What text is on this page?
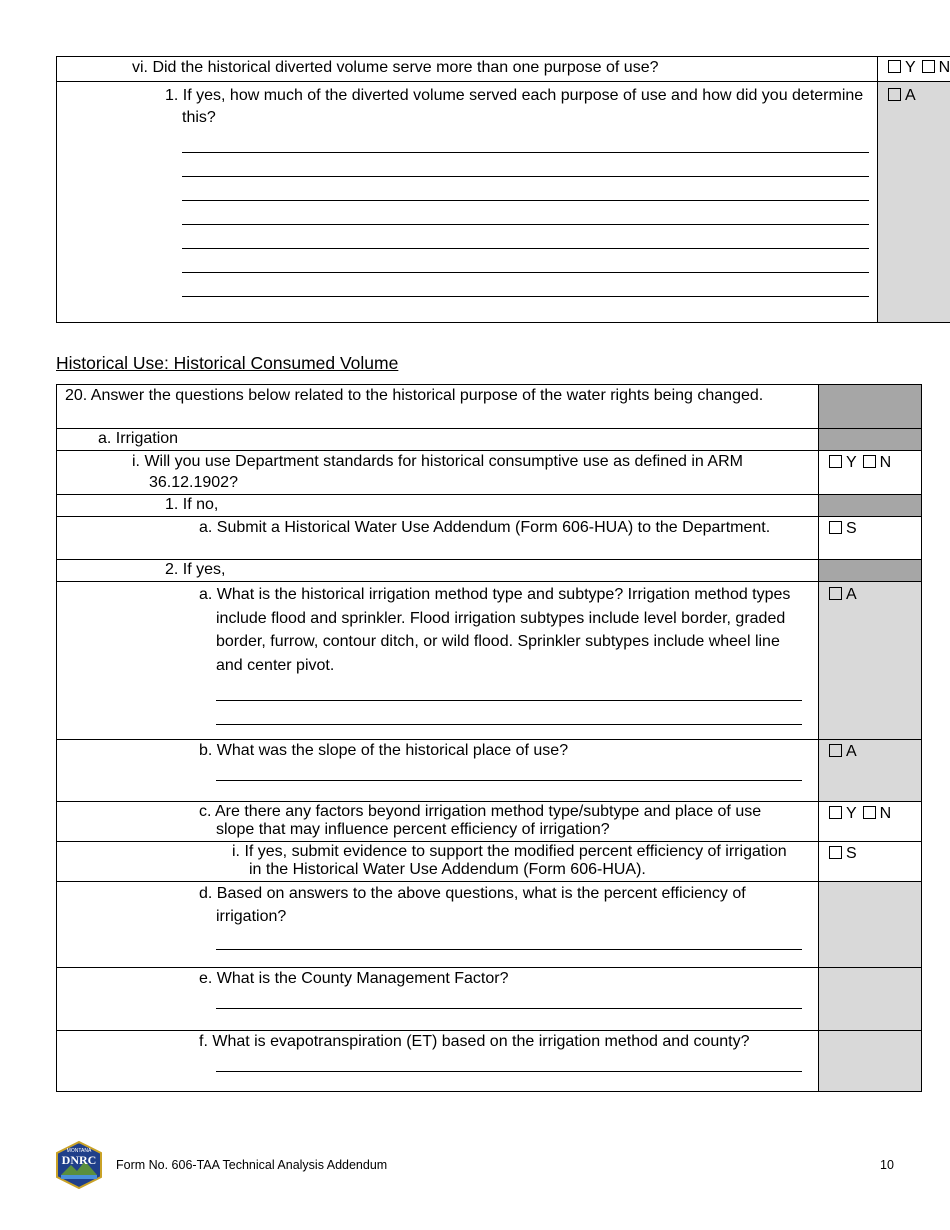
vi. Did the historical diverted volume serve more than one purpose of use?	Y N

1. If yes, how much of the diverted volume served each purpose of use and how did you determine this?	A
Historical Use: Historical Consumed Volume
20. Answer the questions below related to the historical purpose of the water rights being changed.	

a. Irrigation	

i. Will you use Department standards for historical consumptive use as defined in ARM 36.12.1902?	Y N

1. If no,	

a. Submit a Historical Water Use Addendum (Form 606-HUA) to the Department.	S

2. If yes,	

a. What is the historical irrigation method type and subtype? Irrigation method types include flood and sprinkler. Flood irrigation subtypes include level border, graded border, furrow, contour ditch, or wild flood. Sprinkler subtypes include wheel line and center pivot.	A

b. What was the slope of the historical place of use?	A

c. Are there any factors beyond irrigation method type/subtype and place of use slope that may influence percent efficiency of irrigation?	Y N

i. If yes, submit evidence to support the modified percent efficiency of irrigation in the Historical Water Use Addendum (Form 606-HUA).	S

d. Based on answers to the above questions, what is the percent efficiency of irrigation?	

e. What is the County Management Factor?	

f. What is evapotranspiration (ET) based on the irrigation method and county?	

MONTANA
DNRC Form No. 606-TAA Technical Analysis Addendum	10
